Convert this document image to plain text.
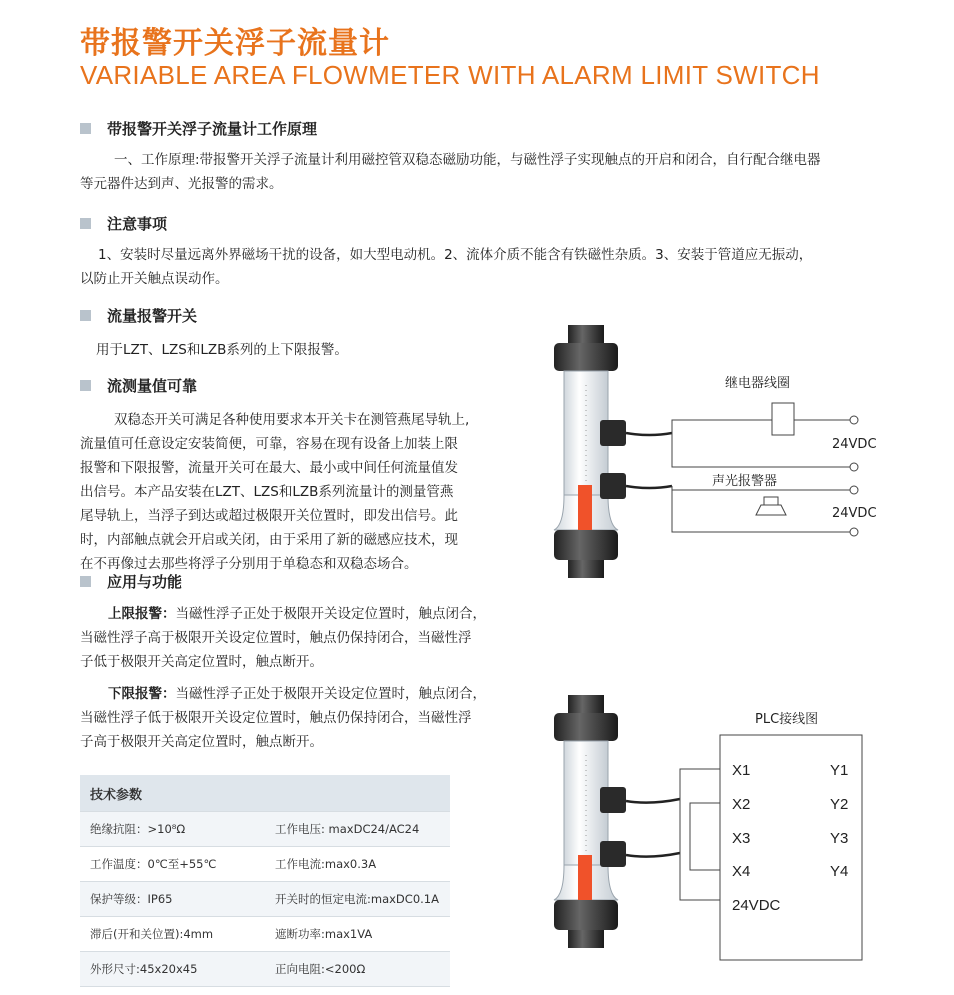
带报警开关浮子流量计
VARIABLE AREA FLOWMETER WITH ALARM LIMIT SWITCH
带报警开关浮子流量计工作原理
一、工作原理:带报警开关浮子流量计利用磁控管双稳态磁励功能，与磁性浮子实现触点的开启和闭合，自行配合继电器
等元器件达到声、光报警的需求。
注意事项
1、安装时尽量远离外界磁场干扰的设备，如大型电动机。2、流体介质不能含有铁磁性杂质。3、安装于管道应无振动，
以防止开关触点误动作。
流量报警开关
用于LZT、LZS和LZB系列的上下限报警。
流测量值可靠
双稳态开关可满足各种使用要求本开关卡在测管燕尾导轨上,
流量值可任意设定安装简便，可靠，容易在现有设备上加装上限
报警和下限报警，流量开关可在最大、最小或中间任何流量值发
出信号。本产品安装在LZT、LZS和LZB系列流量计的测量管燕
尾导轨上，当浮子到达或超过极限开关位置时，即发出信号。此
时，内部触点就会开启或关闭，由于采用了新的磁感应技术，现
在不再像过去那些将浮子分别用于单稳态和双稳态场合。
应用与功能
上限报警：当磁性浮子正处于极限开关设定位置时，触点闭合，
当磁性浮子高于极限开关设定位置时，触点仍保持闭合，当磁性浮
子低于极限开关高定位置时，触点断开。
下限报警：当磁性浮子正处于极限开关设定位置时，触点闭合，
当磁性浮子低于极限开关设定位置时，触点仍保持闭合，当磁性浮
子高于极限开关高定位置时，触点断开。
技术参数	
绝缘抗阻：>10⁸Ω	工作电压: maxDC24/AC24
工作温度：0℃至+55℃	工作电流:max0.3A
保护等级：IP65	开关时的恒定电流:maxDC0.1A
滞后(开和关位置):4mm	遮断功率:max1VA
外形尺寸:45x20x45	正向电阻:<200Ω
继电器线圈
24VDC
声光报警器
24VDC
PLC接线图
X1
X2
X3
X4
24VDC
Y1
Y2
Y3
Y4
